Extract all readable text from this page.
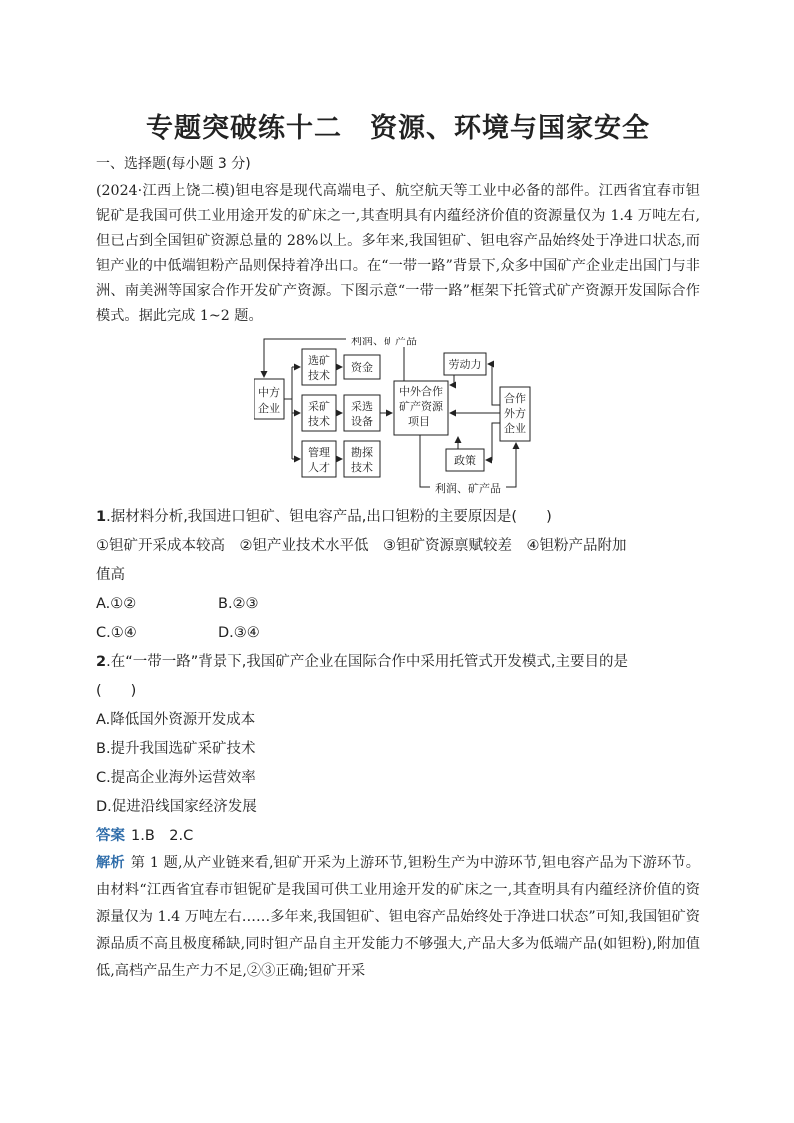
专题突破练十二　资源、环境与国家安全
一、选择题(每小题 3 分)

(2024·江西上饶二模)钽电容是现代高端电子、航空航天等工业中必备的部件。江西省宜春市钽铌矿是我国可供工业用途开发的矿床之一,其查明具有内蕴经济价值的资源量仅为 1.4 万吨左右,但已占到全国钽矿资源总量的 28%以上。多年来,我国钽矿、钽电容产品始终处于净进口状态,而钽产业的中低端钽粉产品则保持着净出口。在“一带一路”背景下,众多中国矿产企业走出国门与非洲、南美洲等国家合作开发矿产资源。下图示意“一带一路”框架下托管式矿产资源开发国际合作模式。据此完成 1~2 题。

利润、矿产品
中方
企业
选矿
技术
资金
采矿
技术
采选
设备
管理
人才
勘探
技术
中外合作
矿产资源
项目
劳动力
政策
合作
外方
企业
利润、矿产品
1.据材料分析,我国进口钽矿、钽电容产品,出口钽粉的主要原因是(　　)
①钽矿开采成本较高　②钽产业技术水平低　③钽矿资源禀赋较差　④钽粉产品附加
值高
A.①②	B.②③
C.①④	D.③④
2.在“一带一路”背景下,我国矿产企业在国际合作中采用托管式开发模式,主要目的是
(　　)
A.降低国外资源开发成本
B.提升我国选矿采矿技术
C.提高企业海外运营效率
D.促进沿线国家经济发展
答案 1.B　2.C
解析 第 1 题,从产业链来看,钽矿开采为上游环节,钽粉生产为中游环节,钽电容产品为下游环节。由材料“江西省宜春市钽铌矿是我国可供工业用途开发的矿床之一,其查明具有内蕴经济价值的资源量仅为 1.4 万吨左右……多年来,我国钽矿、钽电容产品始终处于净进口状态”可知,我国钽矿资源品质不高且极度稀缺,同时钽产品自主开发能力不够强大,产品大多为低端产品(如钽粉),附加值低,高档产品生产力不足,②③正确;钽矿开采
